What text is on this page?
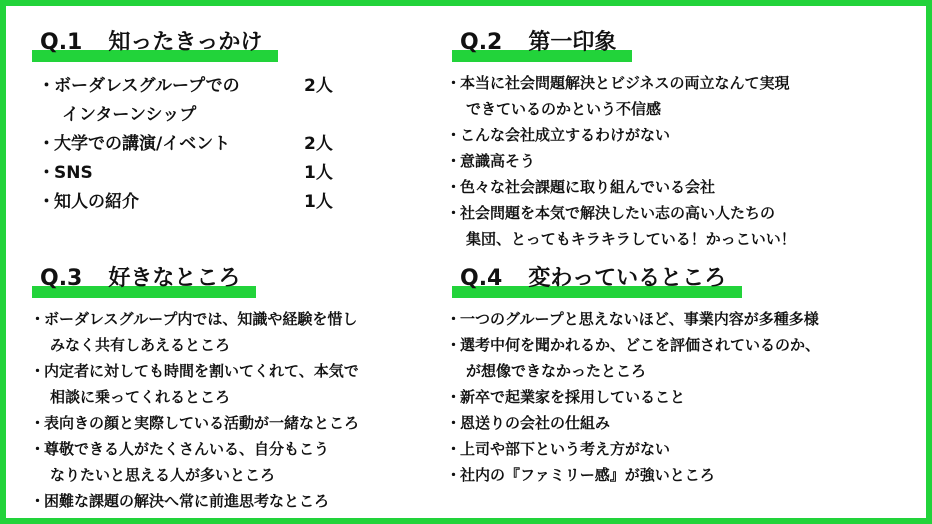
Q.1 知ったきっかけ
・ ボーダレスグループでの	2人
インターンシップ
・ 大学での講演/イベント	2人
・ SNS	1人
・ 知人の紹介	1人
Q.2 第一印象
・
本当に社会問題解決とビジネスの両立なんて実現
できているのかという不信感
・
こんな会社成立するわけがない
・
意識高そう
・
色々な社会課題に取り組んでいる会社
・
社会問題を本気で解決したい志の高い人たちの
集団、とってもキラキラしている！かっこいい！
Q.3 好きなところ
・
ボーダレスグループ内では、知識や経験を惜し
みなく共有しあえるところ
・
内定者に対しても時間を割いてくれて、本気で
相談に乗ってくれるところ
・
表向きの顔と実際している活動が一緒なところ
・
尊敬できる人がたくさんいる、自分もこう
なりたいと思える人が多いところ
・
困難な課題の解決へ常に前進思考なところ
Q.4 変わっているところ
・
一つのグループと思えないほど、事業内容が多種多様
・
選考中何を聞かれるか、どこを評価されているのか、
が想像できなかったところ
・
新卒で起業家を採用していること
・
恩送りの会社の仕組み
・
上司や部下という考え方がない
・
社内の『ファミリー感』が強いところ
